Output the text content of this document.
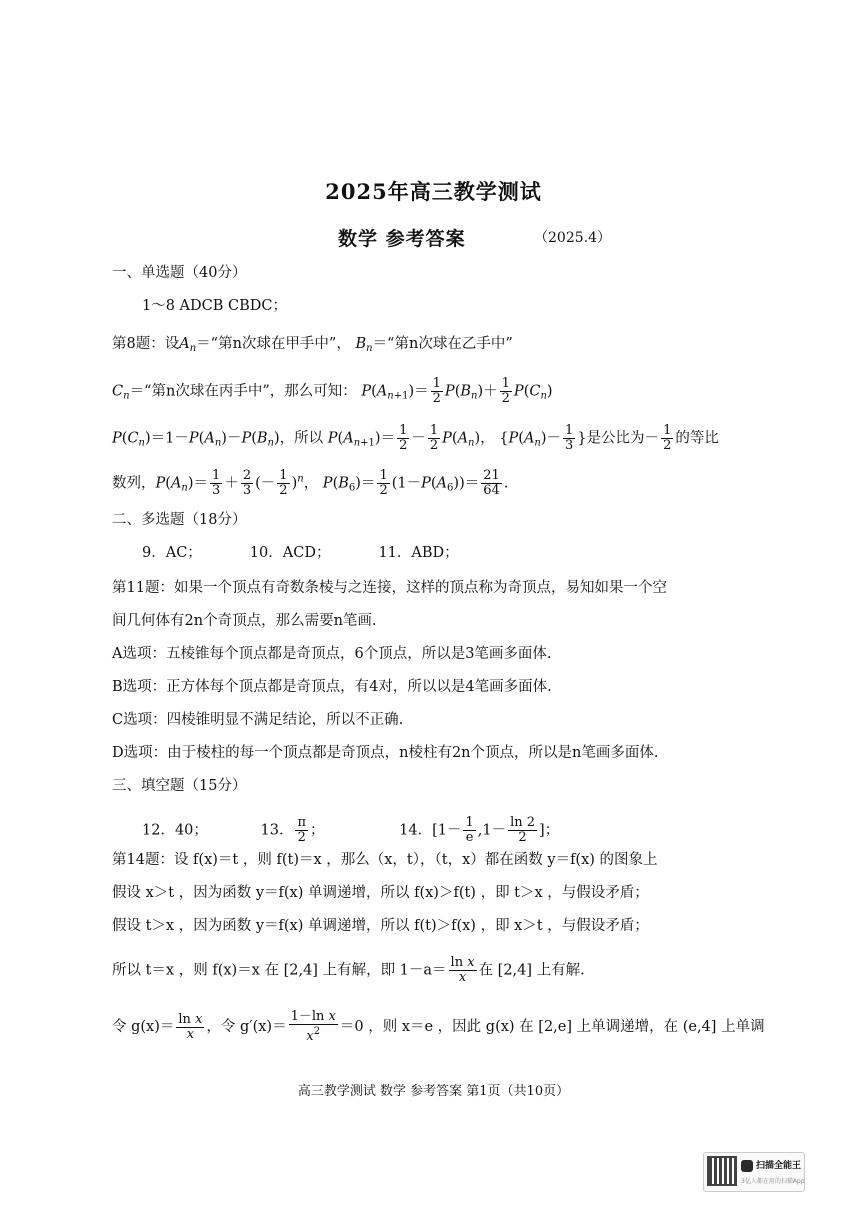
2025年高三教学测试
数学 参考答案	（2025.4）
一、单选题（40分）
1～8 ADCB CBDC；
第8题：设$A_n=“$第n次球在甲手中”， $B_n=“$第n次球在乙手中”
$C_n=“$第n次球在丙手中”，那么可知： $P(A_{n+1})= \frac{1}{2} P(B_n)+ \frac{1}{2} P(C_n)$
$P(C_n)=1-P(A_n)-P(B_n)$，所以 $P(A_{n+1})= \frac{1}{2} - \frac{1}{2} P(A_n)$， {$P(A_n)- \frac{1}{3}$ }是公比为－ $\frac{1}{2}$ 的等比
数列，$P(A_n)= \frac{1}{3} + \frac{2}{3}$ (－ $\frac{1}{2} )^n$， $P(B_6)= \frac{1}{2} (1-P(A_6))= \frac{21}{64}$ .
二、多选题（18分）
9．AC；	10．ACD；	11．ABD；
第11题：如果一个顶点有奇数条棱与之连接，这样的顶点称为奇顶点，易知如果一个空
间几何体有2n个奇顶点，那么需要n笔画.
A选项：五棱锥每个顶点都是奇顶点，6个顶点，所以是3笔画多面体.
B选项：正方体每个顶点都是奇顶点，有4对，所以以是4笔画多面体.
C选项：四棱锥明显不满足结论，所以不正确.
D选项：由于棱柱的每一个顶点都是奇顶点，n棱柱有2n个顶点，所以是n笔画多面体.
三、填空题（15分）
12．40；	13． $\frac{\pi}{2}$ ；	14．[$1- \frac{1}{e} ,1- \frac{\ln 2}{2}$ ]；
第14题：设 f(x)＝t ，则 f(t)＝x ，那么（x，t），（t，x）都在函数 y＝f(x) 的图象上
假设 x＞t ，因为函数 y＝f(x) 单调递增，所以 f(x)＞f(t) ，即 t＞x ，与假设矛盾；
假设 t＞x ，因为函数 y＝f(x) 单调递增，所以 f(t)＞f(x) ，即 x＞t ，与假设矛盾；
所以 t＝x ，则 f(x)＝x 在 [2,4] 上有解，即 $1-a= \frac{\text{ln x}}{x}$ 在 [2,4] 上有解.
令 $g(x)= \frac{\text{ln x}}{x}$ ，令 $g'(x)= \frac{\text{1－ln x}}{x^2} =0$ ，则 x＝e ，因此 g(x) 在 [2,e] 上单调递增，在 (e,4] 上单调
高三教学测试 数学 参考答案 第1页（共10页）
扫描全能王
3亿人都在用的扫描App
